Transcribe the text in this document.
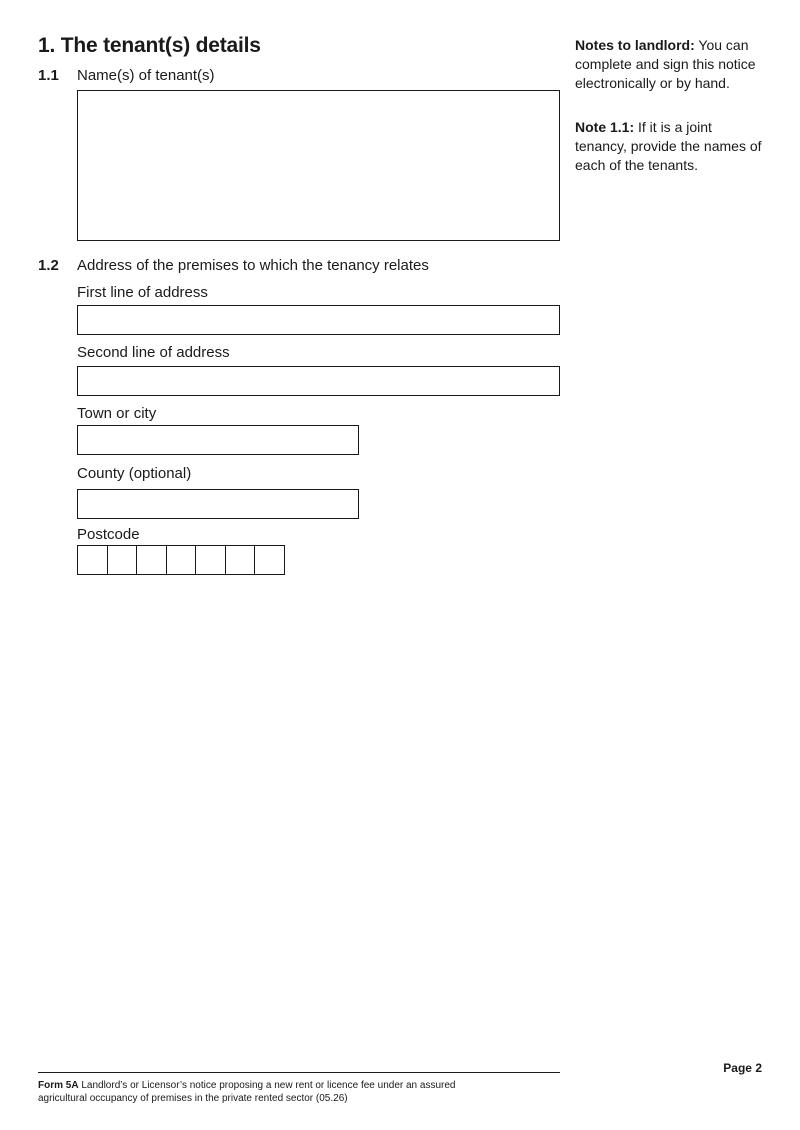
1. The tenant(s) details
1.1 Name(s) of tenant(s)
1.2 Address of the premises to which the tenancy relates
First line of address
Second line of address
Town or city
County (optional)
Postcode
Notes to landlord: You can complete and sign this notice electronically or by hand.
Note 1.1: If it is a joint tenancy, provide the names of each of the tenants.
Page 2
Form 5A Landlord’s or Licensor’s notice proposing a new rent or licence fee under an assured agricultural occupancy of premises in the private rented sector (05.26)
